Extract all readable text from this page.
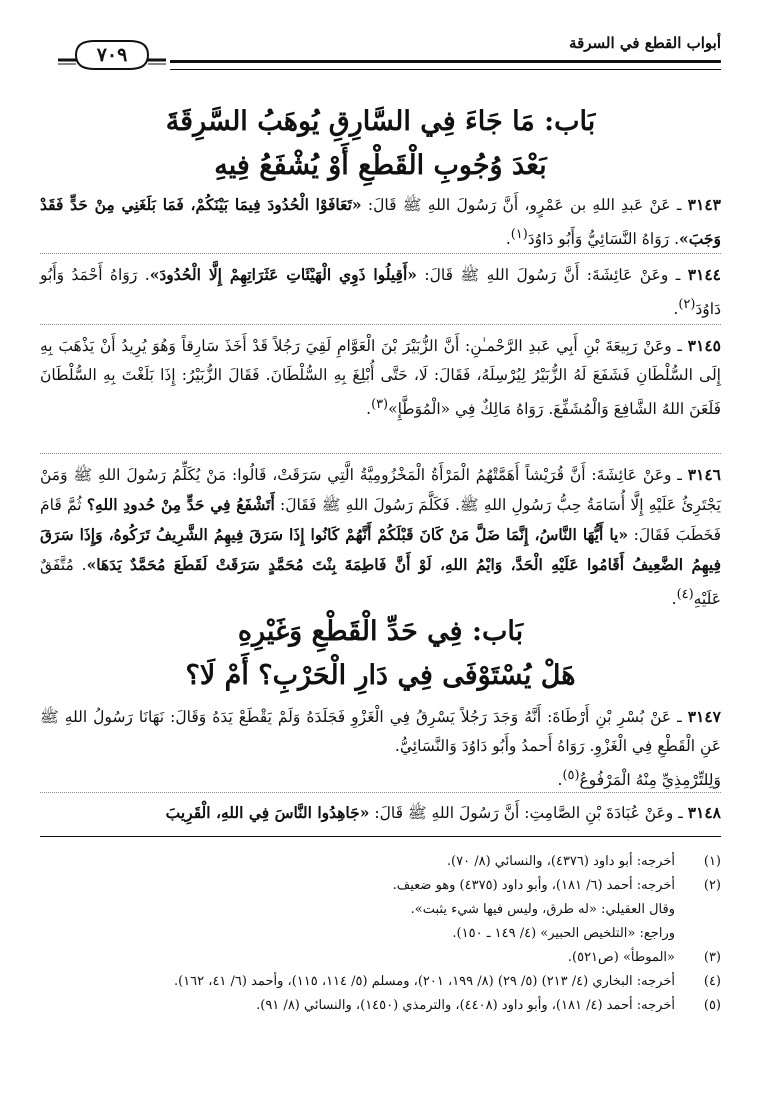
أبواب القطع في السرقة
٧٠٩
بَاب: مَا جَاءَ فِي السَّارِقِ يُوهَبُ السَّرِقَةَ
بَعْدَ وُجُوبِ الْقَطْعِ أَوْ يُشْفَعُ فِيهِ
٣١٤٣ ـ عَنْ عَبدِ اللهِ بن عَمْرٍو، أَنَّ رَسُولَ اللهِ ﷺ قَالَ: «تَعَافَوْا الْحُدُودَ فِيمَا بَيْنَكُمْ، فَمَا بَلَغَنِي مِنْ حَدٍّ فَقَدْ وَجَبَ». رَوَاهُ النَّسَائِيُّ وَأَبُو دَاوُدَ$^{(١)}$.
٣١٤٤ ـ وعَنْ عَائِشَةَ: أَنَّ رَسُولَ اللهِ ﷺ قَالَ: «أَقِيلُوا ذَوِي الْهَيْئَاتِ عَثَرَاتِهِمْ إِلَّا الْحُدُودَ». رَوَاهُ أَحْمَدُ وَأَبُو دَاوُدَ$^{(٢)}$.
٣١٤٥ ـ وعَنْ رَبِيعَةَ بْنِ أَبِي عَبدِ الرَّحْمـٰنِ: أَنَّ الزُّبَيْرَ بْنَ الْعَوَّامِ لَقِيَ رَجُلاً قَدْ أَخَذَ سَارِقاً وَهُوَ يُرِيدُ أَنْ يَذْهَبَ بِهِ إِلَى السُّلْطَانِ فَشَفَعَ لَهُ الزُّبَيْرُ لِيُرْسِلَهُ، فَقَالَ: لَا، حَتَّى أُبْلِغَ بِهِ السُّلْطَانَ. فَقَالَ الزُّبَيْرُ: إِذَا بَلَغْتَ بِهِ السُّلْطَانَ فَلَعَنَ اللهُ الشَّافِعَ وَالْمُشَفِّعَ. رَوَاهُ مَالِكٌ فِي «الْمُوَطَّإِ»$^{(٣)}$.
٣١٤٦ ـ وعَنْ عَائِشَةَ: أَنَّ قُرَيْشاً أَهَمَّتْهُمُ الْمَرْأَةُ الْمَخْزُومِيَّةُ الَّتِي سَرَقَتْ، قَالُوا: مَنْ يُكَلِّمُ رَسُولَ اللهِ ﷺ وَمَنْ يَجْتَرِئُ عَلَيْهِ إِلَّا أُسَامَةُ حِبُّ رَسُولِ اللهِ ﷺ. فَكَلَّمَ رَسُولَ اللهِ ﷺ فَقَالَ: أَتَشْفَعُ فِي حَدٍّ مِنْ حُدودِ اللهِ؟ ثُمَّ قَامَ فَخَطَبَ فَقَالَ: «يا أَيُّهَا النَّاسُ، إِنَّمَا ضَلَّ مَنْ كَانَ قَبْلَكُمْ أَنَّهُمْ كَانُوا إِذَا سَرَقَ فِيهِمُ الشَّرِيفُ تَرَكُوهُ، وَإِذَا سَرَقَ فِيهِمُ الضَّعِيفُ أَقَامُوا عَلَيْهِ الْحَدَّ، وَايْمُ اللهِ، لَوْ أَنَّ فَاطِمَةَ بِنْتَ مُحَمَّدٍ سَرَقَتْ لَقَطَعَ مُحَمَّدٌ يَدَهَا». مُتَّفَقٌ عَلَيْهِ$^{(٤)}$.
بَاب: فِي حَدِّ الْقَطْعِ وَغَيْرِهِ
هَلْ يُسْتَوْفَى فِي دَارِ الْحَرْبِ؟ أَمْ لَا؟
٣١٤٧ ـ عَنْ بُسْرِ بْنِ أَرْطَاةَ: أَنَّهُ وَجَدَ رَجُلاً يَسْرِقُ فِي الْغَزْوِ فَجَلَدَهُ وَلَمْ يَقْطَعْ يَدَهُ وَقَالَ: نَهَانَا رَسُولُ اللهِ ﷺ عَنِ الْقَطْعِ فِي الْغَزْوِ. رَوَاهُ أَحمدُ وأَبُو دَاوُدَ وَالنَّسَائِيُّ.
وَلِلتِّرْمِذِيِّ مِنْهُ الْمَرْفُوعُ$^{(٥)}$.
٣١٤٨ ـ وعَنْ عُبَادَةَ بْنِ الصَّامِتِ: أَنَّ رَسُولَ اللهِ ﷺ قَالَ: «جَاهِدُوا النَّاسَ فِي اللهِ، الْقَرِيبَ
(١)
أخرجه: أبو داود (٤٣٧٦)، والنسائي (٨/ ٧٠).
(٢)
أخرجه: أحمد (٦/ ١٨١)، وأبو داود (٤٣٧٥) وهو ضعيف.
وقال العقيلي: «له طرق، وليس فيها شيء يثبت».
وراجع: «التلخيص الحبير» (٤/ ١٤٩ ـ ١٥٠).
(٣)
«الموطأ» (ص٥٢١).
(٤)
أخرجه: البخاري (٤/ ٢١٣) (٥/ ٢٩) (٨/ ١٩٩، ٢٠١)، ومسلم (٥/ ١١٤، ١١٥)، وأحمد (٦/ ٤١، ١٦٢).
(٥)
أخرجه: أحمد (٤/ ١٨١)، وأبو داود (٤٤٠٨)، والترمذي (١٤٥٠)، والنسائي (٨/ ٩١).
